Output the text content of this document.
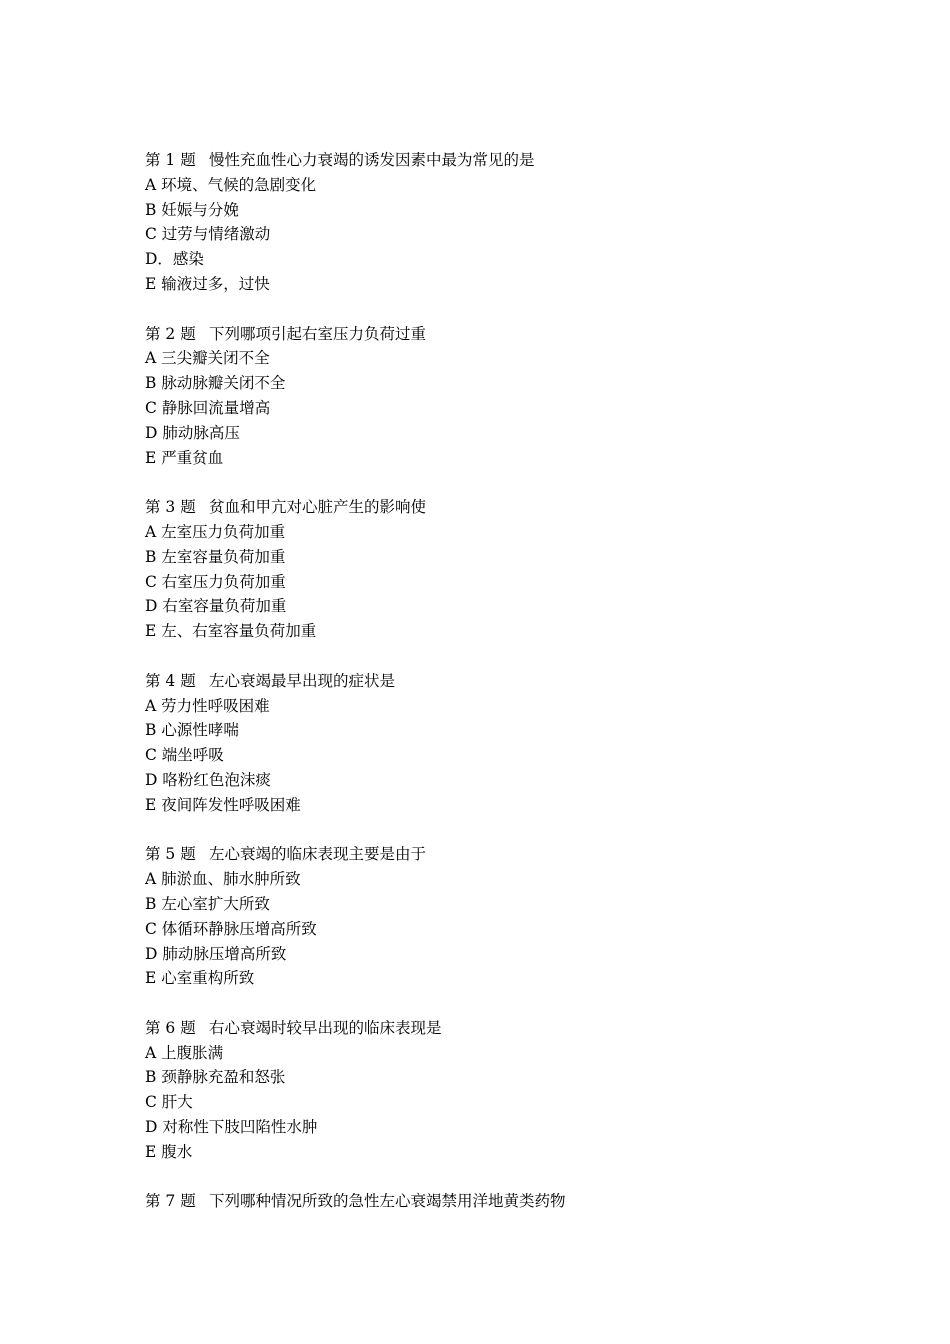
第 1 题 慢性充血性心力衰竭的诱发因素中最为常见的是
A 环境、气候的急剧变化
B 妊娠与分娩
C 过劳与情绪激动
D．感染
E 输液过多，过快
第 2 题 下列哪项引起右室压力负荷过重
A 三尖瓣关闭不全
B 脉动脉瓣关闭不全
C 静脉回流量增高
D 肺动脉高压
E 严重贫血
第 3 题 贫血和甲亢对心脏产生的影响使
A 左室压力负荷加重
B 左室容量负荷加重
C 右室压力负荷加重
D 右室容量负荷加重
E 左、右室容量负荷加重
第 4 题 左心衰竭最早出现的症状是
A 劳力性呼吸困难
B 心源性哮喘
C 端坐呼吸
D 咯粉红色泡沫痰
E 夜间阵发性呼吸困难
第 5 题 左心衰竭的临床表现主要是由于
A 肺淤血、肺水肿所致
B 左心室扩大所致
C 体循环静脉压增高所致
D 肺动脉压增高所致
E 心室重构所致
第 6 题 右心衰竭时较早出现的临床表现是
A 上腹胀满
B 颈静脉充盈和怒张
C 肝大
D 对称性下肢凹陷性水肿
E 腹水
第 7 题 下列哪种情况所致的急性左心衰竭禁用洋地黄类药物
